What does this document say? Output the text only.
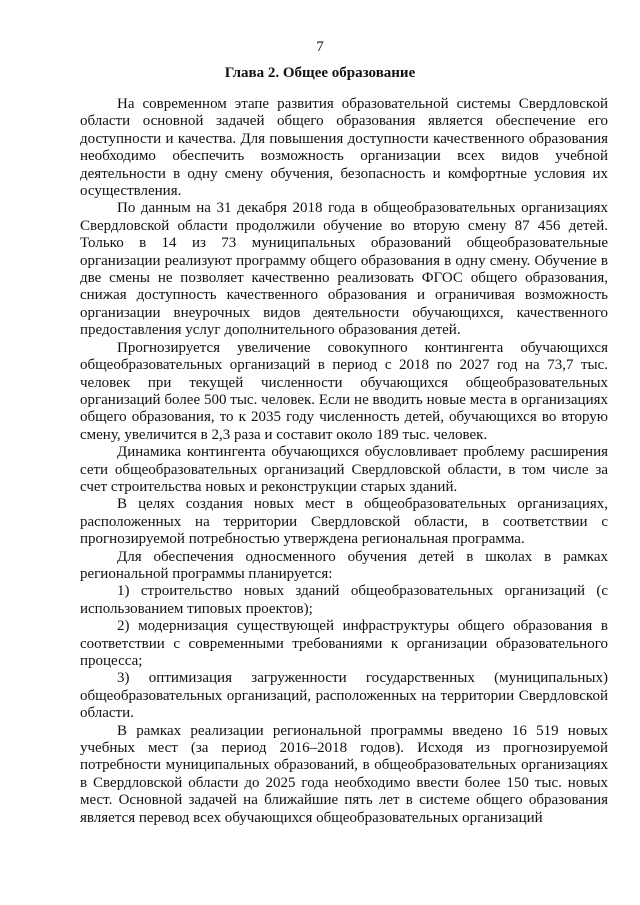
7
Глава 2. Общее образование

На современном этапе развития образовательной системы Свердловской области основной задачей общего образования является обеспечение его доступности и качества. Для повышения доступности качественного образования необходимо обеспечить возможность организации всех видов учебной деятельности в одну смену обучения, безопасность и комфортные условия их осуществления.

По данным на 31 декабря 2018 года в общеобразовательных организациях Свердловской области продолжили обучение во вторую смену 87 456 детей. Только в 14 из 73 муниципальных образований общеобразовательные организации реализуют программу общего образования в одну смену. Обучение в две смены не позволяет качественно реализовать ФГОС общего образования, снижая доступность качественного образования и ограничивая возможность организации внеурочных видов деятельности обучающихся, качественного предоставления услуг дополнительного образования детей.

Прогнозируется увеличение совокупного контингента обучающихся общеобразовательных организаций в период с 2018 по 2027 год на 73,7 тыс. человек при текущей численности обучающихся общеобразовательных организаций более 500 тыс. человек. Если не вводить новые места в организациях общего образования, то к 2035 году численность детей, обучающихся во вторую смену, увеличится в 2,3 раза и составит около 189 тыс. человек.

Динамика контингента обучающихся обусловливает проблему расширения сети общеобразовательных организаций Свердловской области, в том числе за счет строительства новых и реконструкции старых зданий.

В целях создания новых мест в общеобразовательных организациях, расположенных на территории Свердловской области, в соответствии с прогнозируемой потребностью утверждена региональная программа.

Для обеспечения односменного обучения детей в школах в рамках региональной программы планируется:

1) строительство новых зданий общеобразовательных организаций (с использованием типовых проектов);

2) модернизация существующей инфраструктуры общего образования в соответствии с современными требованиями к организации образовательного процесса;

3) оптимизация загруженности государственных (муниципальных) общеобразовательных организаций, расположенных на территории Свердловской области.

В рамках реализации региональной программы введено 16 519 новых учебных мест (за период 2016–2018 годов). Исходя из прогнозируемой потребности муниципальных образований, в общеобразовательных организациях в Свердловской области до 2025 года необходимо ввести более 150 тыс. новых мест. Основной задачей на ближайшие пять лет в системе общего образования является перевод всех обучающихся общеобразовательных организаций
